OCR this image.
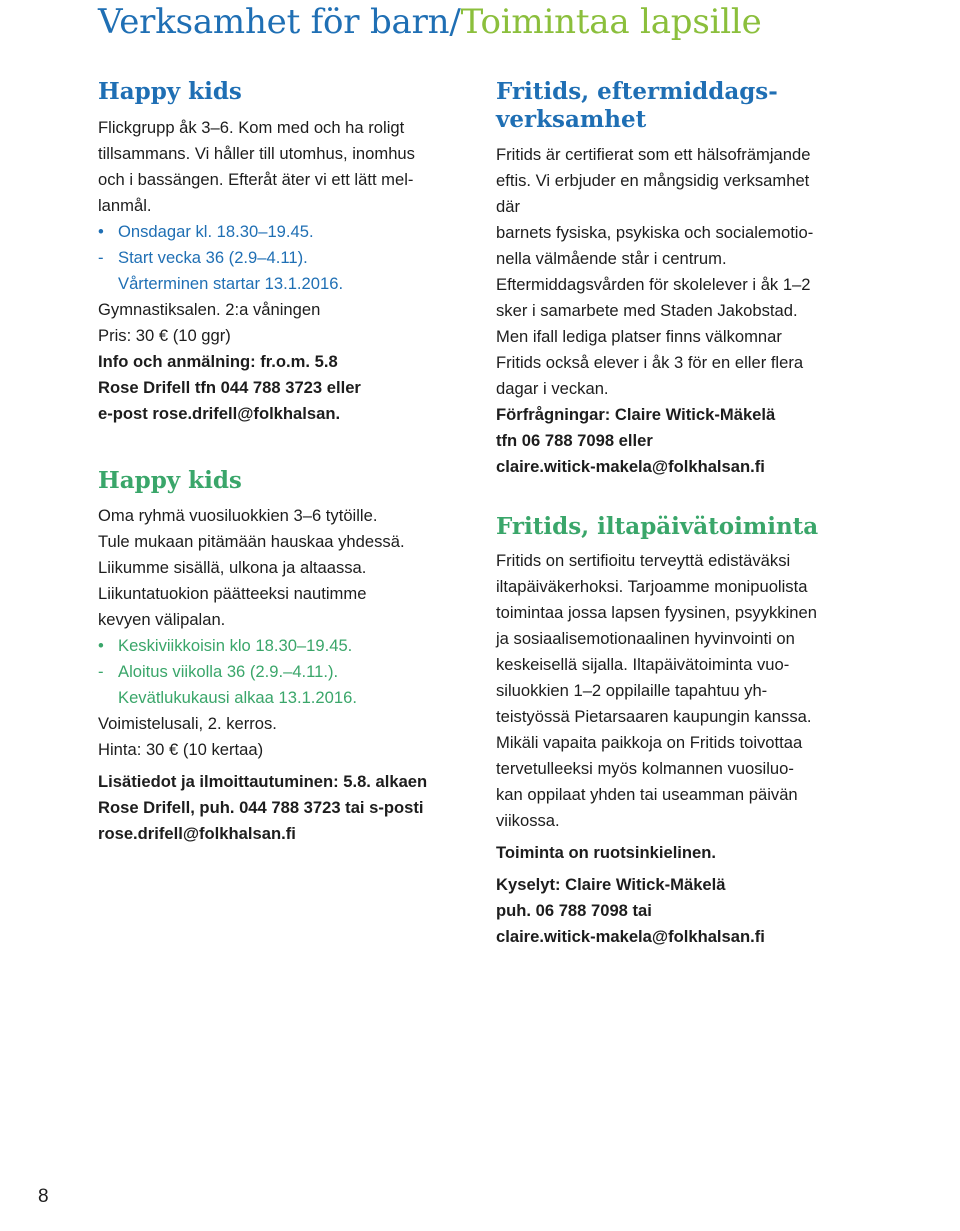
Verksamhet för barn/Toimintaa lapsille
Happy kids
Flickgrupp åk 3–6. Kom med och ha roligt
tillsammans. Vi håller till utomhus, inomhus
och i bassängen. Efteråt äter vi ett lätt mel-
lanmål.
• Onsdagar kl. 18.30–19.45.
- Start vecka 36 (2.9–4.11).
Vårterminen startar 13.1.2016.
Gymnastiksalen. 2:a våningen
Pris: 30 € (10 ggr)
Info och anmälning: fr.o.m. 5.8
Rose Drifell tfn 044 788 3723 eller
e-post rose.drifell@folkhalsan.
Happy kids
Oma ryhmä vuosiluokkien 3–6 tytöille.
Tule mukaan pitämään hauskaa yhdessä.
Liikumme sisällä, ulkona ja altaassa.
Liikuntatuokion päätteeksi nautimme
kevyen välipalan.
• Keskiviikkoisin klo 18.30–19.45.
- Aloitus viikolla 36 (2.9.–4.11.).
Kevätlukukausi alkaa 13.1.2016.
Voimistelusali, 2. kerros.
Hinta: 30 € (10 kertaa)
Lisätiedot ja ilmoittautuminen: 5.8. alkaen
Rose Drifell, puh. 044 788 3723 tai s-posti
rose.drifell@folkhalsan.fi
Fritids, eftermiddags-
verksamhet
Fritids är certifierat som ett hälsofrämjande
eftis. Vi erbjuder en mångsidig verksamhet
där
barnets fysiska, psykiska och socialemotio-
nella välmående står i centrum.
Eftermiddagsvården för skolelever i åk 1–2
sker i samarbete med Staden Jakobstad.
Men ifall lediga platser finns välkomnar
Fritids också elever i åk 3 för en eller flera
dagar i veckan.
Förfrågningar: Claire Witick-Mäkelä
tfn 06 788 7098 eller
claire.witick-makela@folkhalsan.fi
Fritids, iltapäivätoiminta
Fritids on sertifioitu terveyttä edistäväksi
iltapäiväkerhoksi. Tarjoamme monipuolista
toimintaa jossa lapsen fyysinen, psyykkinen
ja sosiaalisemotionaalinen hyvinvointi on
keskeisellä sijalla. Iltapäivätoiminta vuo-
siluokkien 1–2 oppilaille tapahtuu yh-
teistyössä Pietarsaaren kaupungin kanssa.
Mikäli vapaita paikkoja on Fritids toivottaa
tervetulleeksi myös kolmannen vuosiluo-
kan oppilaat yhden tai useamman päivän
viikossa.
Toiminta on ruotsinkielinen.
Kyselyt: Claire Witick-Mäkelä
puh. 06 788 7098 tai
claire.witick-makela@folkhalsan.fi
8
